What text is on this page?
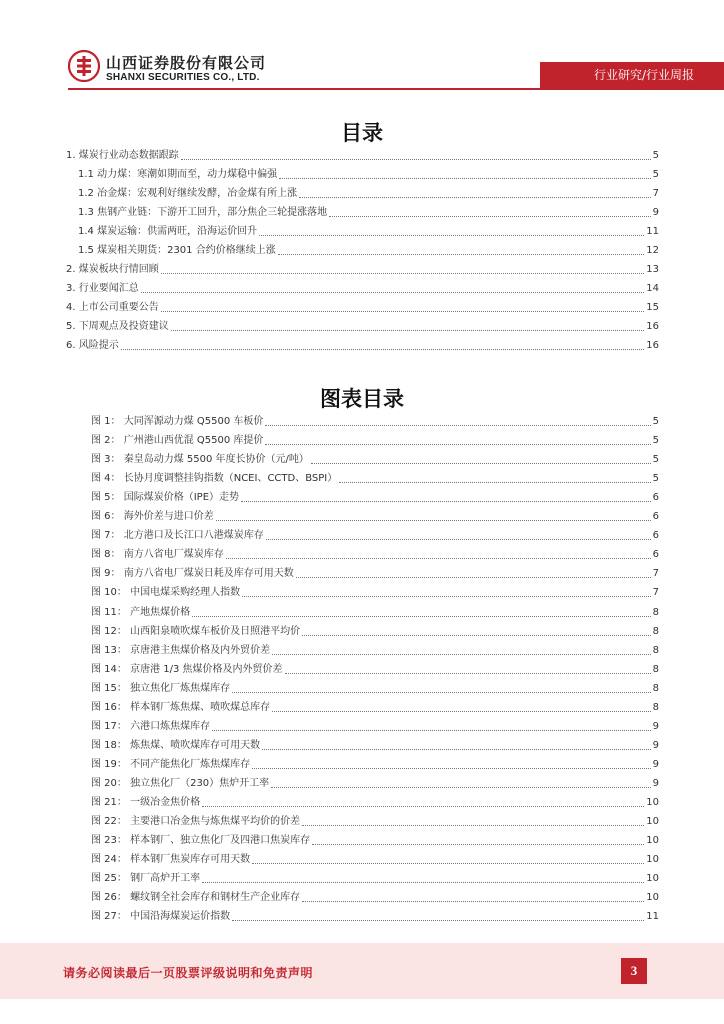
山西证券股份有限公司
SHANXI SECURITIES CO., LTD.	行业研究/行业周报
目录
1. 煤炭行业动态数据跟踪	5
1.1 动力煤：寒潮如期而至，动力煤稳中偏强	5
1.2 冶金煤：宏观利好继续发酵，冶金煤有所上涨	7
1.3 焦钢产业链：下游开工回升，部分焦企三轮提涨落地	9
1.4 煤炭运输：供需两旺，沿海运价回升	11
1.5 煤炭相关期货：2301 合约价格继续上涨	12
2. 煤炭板块行情回顾	13
3. 行业要闻汇总	14
4. 上市公司重要公告	15
5. 下周观点及投资建议	16
6. 风险提示	16
图表目录
图 1： 大同浑源动力煤 Q5500 车板价	5
图 2： 广州港山西优混 Q5500 库提价	5
图 3： 秦皇岛动力煤 5500 年度长协价（元/吨）	5
图 4： 长协月度调整挂钩指数（NCEI、CCTD、BSPI）	5
图 5： 国际煤炭价格（IPE）走势	6
图 6： 海外价差与进口价差	6
图 7： 北方港口及长江口八港煤炭库存	6
图 8： 南方八省电厂煤炭库存	6
图 9： 南方八省电厂煤炭日耗及库存可用天数	7
图 10： 中国电煤采购经理人指数	7
图 11： 产地焦煤价格	8
图 12： 山西阳泉喷吹煤车板价及日照港平均价	8
图 13： 京唐港主焦煤价格及内外贸价差	8
图 14： 京唐港 1/3 焦煤价格及内外贸价差	8
图 15： 独立焦化厂炼焦煤库存	8
图 16： 样本钢厂炼焦煤、喷吹煤总库存	8
图 17： 六港口炼焦煤库存	9
图 18： 炼焦煤、喷吹煤库存可用天数	9
图 19： 不同产能焦化厂炼焦煤库存	9
图 20： 独立焦化厂（230）焦炉开工率	9
图 21： 一级冶金焦价格	10
图 22： 主要港口冶金焦与炼焦煤平均价的价差	10
图 23： 样本钢厂、独立焦化厂及四港口焦炭库存	10
图 24： 样本钢厂焦炭库存可用天数	10
图 25： 钢厂高炉开工率	10
图 26： 螺纹钢全社会库存和钢材生产企业库存	10
图 27： 中国沿海煤炭运价指数	11
请务必阅读最后一页股票评级说明和免责声明	3
